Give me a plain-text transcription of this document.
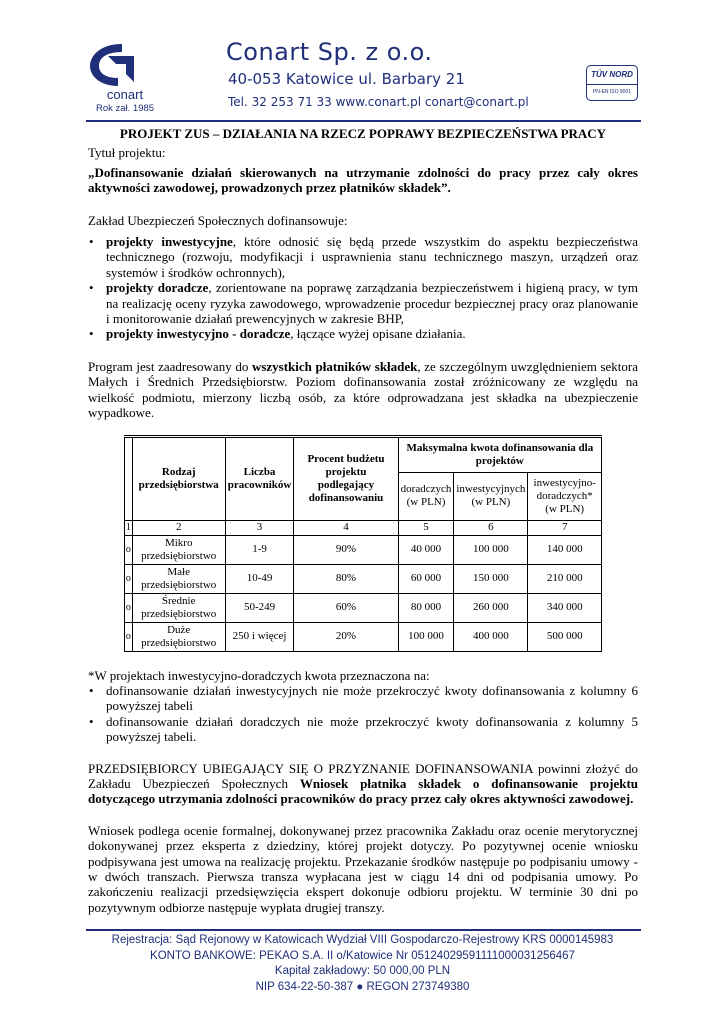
conart
Rok zał. 1985
Conart Sp. z o.o.
40-053 Katowice ul. Barbary 21
Tel. 32 253 71 33 www.conart.pl conart@conart.pl
TÜV NORD
PN-EN ISO 9001
PROJEKT ZUS – DZIAŁANIA NA RZECZ POPRAWY BEZPIECZEŃSTWA PRACY
Tytuł projektu:
„Dofinansowanie działań skierowanych na utrzymanie zdolności do pracy przez cały okres aktywności zawodowej, prowadzonych przez płatników składek”.
Zakład Ubezpieczeń Społecznych dofinansowuje:
• projekty inwestycyjne, które odnosić się będą przede wszystkim do aspektu bezpieczeństwa technicznego (rozwoju, modyfikacji i usprawnienia stanu technicznego maszyn, urządzeń oraz systemów i środków ochronnych),
• projekty doradcze, zorientowane na poprawę zarządzania bezpieczeństwem i higieną pracy, w tym na realizację oceny ryzyka zawodowego, wprowadzenie procedur bezpiecznej pracy oraz planowanie i monitorowanie działań prewencyjnych w zakresie BHP,
• projekty inwestycyjno - doradcze, łączące wyżej opisane działania.
Program jest zaadresowany do wszystkich płatników składek, ze szczególnym uwzględnieniem sektora Małych i Średnich Przedsiębiorstw. Poziom dofinansowania został zróżnicowany ze względu na wielkość podmiotu, mierzony liczbą osób, za które odprowadzana jest składka na ubezpieczenie wypadkowe.
	Rodzaj przedsiębiorstwa	Liczba pracowników	Procent budżetu projektu podlegający dofinansowaniu	Maksymalna kwota dofinansowania dla projektów		
				doradczych (w PLN)	inwestycyjnych (w PLN)	inwestycyjno-doradczych* (w PLN)
1	2	3	4	5	6	7
o	Mikro przedsiębiorstwo	1-9	90%	40 000	100 000	140 000
o	Małe przedsiębiorstwo	10-49	80%	60 000	150 000	210 000
o	Średnie przedsiębiorstwo	50-249	60%	80 000	260 000	340 000
o	Duże przedsiębiorstwo	250 i więcej	20%	100 000	400 000	500 000
*W projektach inwestycyjno-doradczych kwota przeznaczona na:
• dofinansowanie działań inwestycyjnych nie może przekroczyć kwoty dofinansowania z kolumny 6 powyższej tabeli
• dofinansowanie działań doradczych nie może przekroczyć kwoty dofinansowania z kolumny 5 powyższej tabeli.
PRZEDSIĘBIORCY UBIEGAJĄCY SIĘ O PRZYZNANIE DOFINANSOWANIA powinni złożyć do Zakładu Ubezpieczeń Społecznych Wniosek płatnika składek o dofinansowanie projektu dotyczącego utrzymania zdolności pracowników do pracy przez cały okres aktywności zawodowej.
Wniosek podlega ocenie formalnej, dokonywanej przez pracownika Zakładu oraz ocenie merytorycznej dokonywanej przez eksperta z dziedziny, której projekt dotyczy. Po pozytywnej ocenie wniosku podpisywana jest umowa na realizację projektu. Przekazanie środków następuje po podpisaniu umowy - w dwóch transzach. Pierwsza transza wypłacana jest w ciągu 14 dni od podpisania umowy. Po zakończeniu realizacji przedsięwzięcia ekspert dokonuje odbioru projektu. W terminie 30 dni po pozytywnym odbiorze następuje wypłata drugiej transzy.
Rejestracja: Sąd Rejonowy w Katowicach Wydział VIII Gospodarczo-Rejestrowy KRS 0000145983
KONTO BANKOWE: PEKAO S.A. II o/Katowice Nr 05124029591111000031256467
Kapitał zakładowy: 50 000,00 PLN
NIP 634-22-50-387 ● REGON 273749380
